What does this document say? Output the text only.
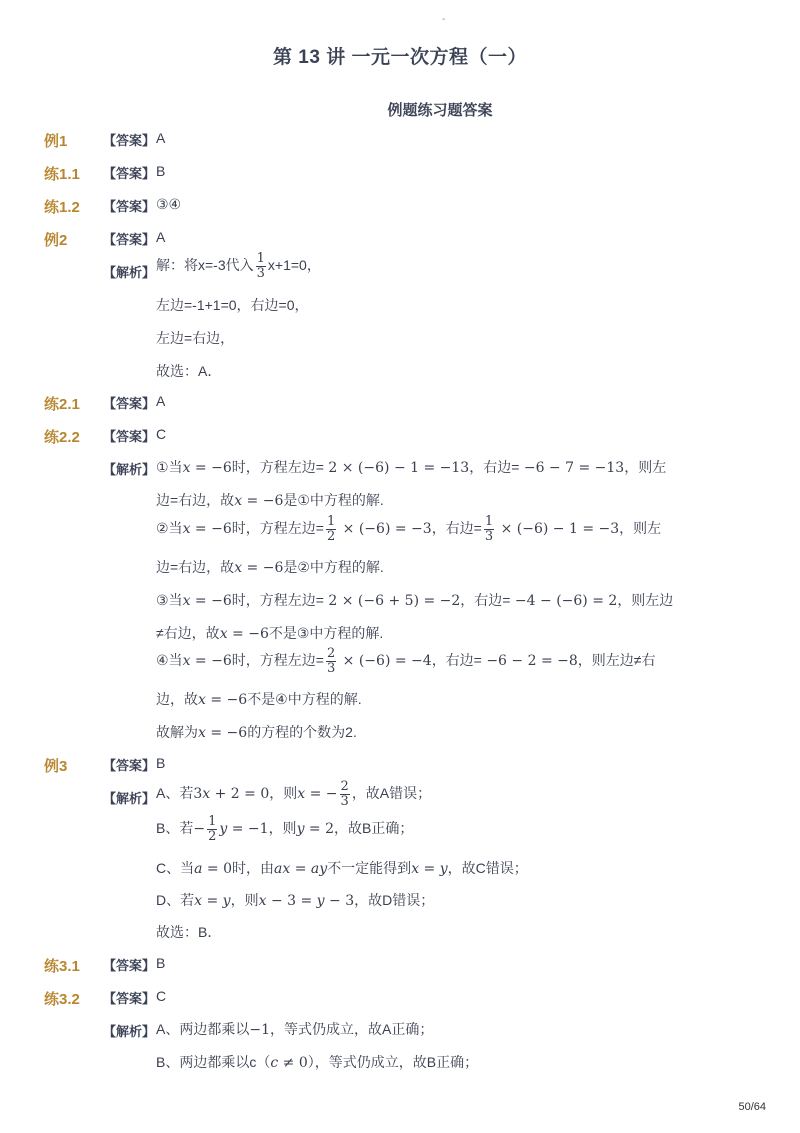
-
第 13 讲 一元一次方程（一）
例题练习题答案
例1	【答案】 A
练1.1 【答案】 B
练1.2 【答案】 ③④
例2	【答案】 A
【解析】 解：将x=-3代入 $\frac{1}{3} x+1=0$，
左边=-1+1=0，右边=0，
左边=右边，
故选：A．
练2.1 【答案】 A
练2.2 【答案】 C
【解析】 ①当x = −6时，方程左边= 2 × (−6) − 1 = −13，右边= −6 − 7 = −13，则左
边=右边，故x = −6是①中方程的解.
②当x = −6时，方程左边= $\frac{1}{2} \times (-6) = -3$，右边= $\frac{1}{3} \times (-6) - 1 = -3$，则左
边=右边，故x = −6是②中方程的解.
③当x = −6时，方程左边= 2 × (−6 + 5) = −2，右边= −4 − (−6) = 2，则左边
≠右边，故x = −6不是③中方程的解.
④当x = −6时，方程左边= $\frac{2}{3} \times (-6) = -4$，右边= −6 − 2 = −8，则左边≠右
边，故x = −6不是④中方程的解.
故解为x = −6的方程的个数为2.
例3	【答案】 B
【解析】 A、若3x + 2 = 0，则x = − $\frac{2}{3}$ ，故A错误；
B、若− $\frac{1}{2}$ y = −1，则y = 2，故B正确；
C、当a = 0时，由ax = ay不一定能得到x = y，故C错误；
D、若x = y，则x − 3 = y − 3，故D错误；
故选：B．
练3.1 【答案】 B
练3.2 【答案】 C
【解析】 A、两边都乘以−1，等式仍成立，故A正确；
B、两边都乘以c（c ≠ 0），等式仍成立，故B正确；
50/64
